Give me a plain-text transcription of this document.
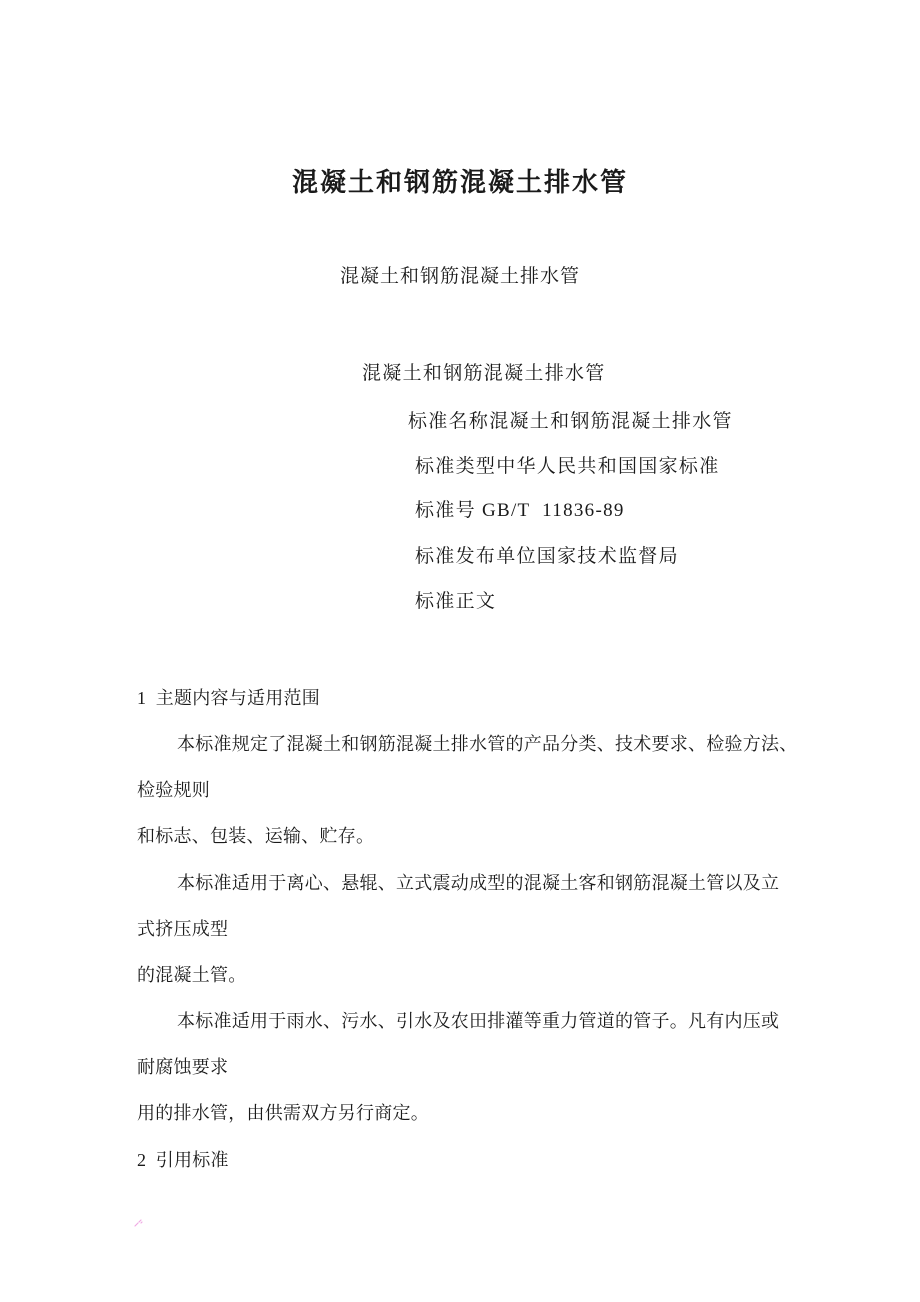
混凝土和钢筋混凝土排水管
混凝土和钢筋混凝土排水管
混凝土和钢筋混凝土排水管
标准名称混凝土和钢筋混凝土排水管
标准类型中华人民共和国国家标准
标准号 GB/T  11836-89
标准发布单位国家技术监督局
标准正文
1  主题内容与适用范围
本标准规定了混凝土和钢筋混凝土排水管的产品分类、技术要求、检验方法、
检验规则
和标志、包装、运输、贮存。
本标准适用于离心、悬辊、立式震动成型的混凝土客和钢筋混凝土管以及立
式挤压成型
的混凝土管。
本标准适用于雨水、污水、引水及农田排灌等重力管道的管子。凡有内压或
耐腐蚀要求
用的排水管，由供需双方另行商定。
2  引用标准
